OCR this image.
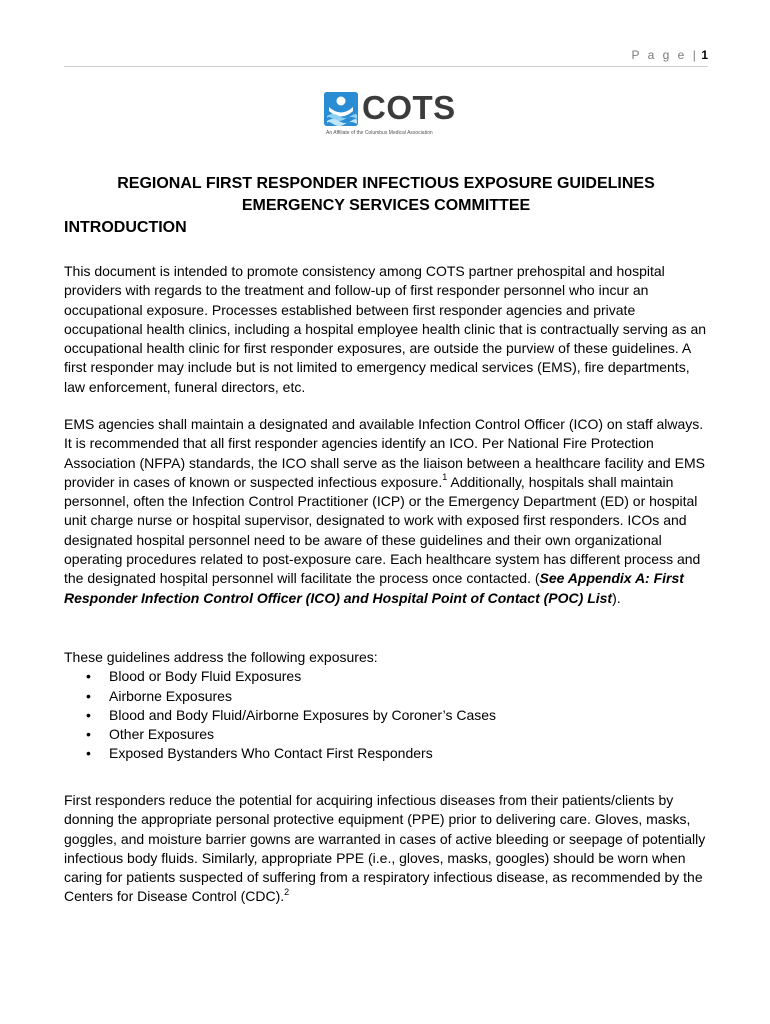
P a g e | 1
COTS
An Affiliate of the Columbus Medical Association
REGIONAL FIRST RESPONDER INFECTIOUS EXPOSURE GUIDELINES
EMERGENCY SERVICES COMMITTEE
INTRODUCTION
This document is intended to promote consistency among COTS partner prehospital and hospital providers with regards to the treatment and follow-up of first responder personnel who incur an occupational exposure. Processes established between first responder agencies and private occupational health clinics, including a hospital employee health clinic that is contractually serving as an occupational health clinic for first responder exposures, are outside the purview of these guidelines. A first responder may include but is not limited to emergency medical services (EMS), fire departments, law enforcement, funeral directors, etc.
EMS agencies shall maintain a designated and available Infection Control Officer (ICO) on staff always. It is recommended that all first responder agencies identify an ICO. Per National Fire Protection Association (NFPA) standards, the ICO shall serve as the liaison between a healthcare facility and EMS provider in cases of known or suspected infectious exposure.$^1$ Additionally, hospitals shall maintain personnel, often the Infection Control Practitioner (ICP) or the Emergency Department (ED) or hospital unit charge nurse or hospital supervisor, designated to work with exposed first responders. ICOs and designated hospital personnel need to be aware of these guidelines and their own organizational operating procedures related to post-exposure care. Each healthcare system has different process and the designated hospital personnel will facilitate the process once contacted. (See Appendix A: First Responder Infection Control Officer (ICO) and Hospital Point of Contact (POC) List).
These guidelines address the following exposures:
• Blood or Body Fluid Exposures
• Airborne Exposures
• Blood and Body Fluid/Airborne Exposures by Coroner’s Cases
• Other Exposures
• Exposed Bystanders Who Contact First Responders
First responders reduce the potential for acquiring infectious diseases from their patients/clients by donning the appropriate personal protective equipment (PPE) prior to delivering care. Gloves, masks, goggles, and moisture barrier gowns are warranted in cases of active bleeding or seepage of potentially infectious body fluids. Similarly, appropriate PPE (i.e., gloves, masks, googles) should be worn when caring for patients suspected of suffering from a respiratory infectious disease, as recommended by the Centers for Disease Control (CDC).$^2$
